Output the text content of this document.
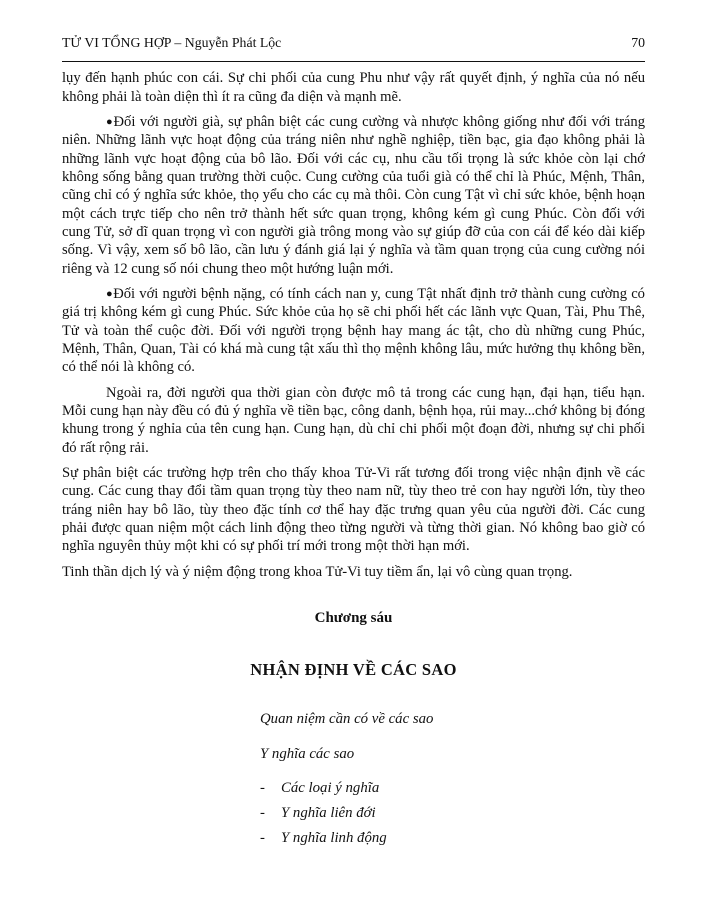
TỬ VI TỔNG HỢP – Nguyễn Phát Lộc	70

lụy đến hạnh phúc con cái. Sự chi phối của cung Phu như vậy rất quyết định, ý nghĩa của nó nếu không phải là toàn diện thì ít ra cũng đa diện và mạnh mẽ.

●Đối với người già, sự phân biệt các cung cường và nhược không giống như đối với tráng niên. Những lãnh vực hoạt động của tráng niên như nghề nghiệp, tiền bạc, gia đạo không phải là những lãnh vực hoạt động của bô lão. Đối với các cụ, nhu cầu tối trọng là sức khỏe còn lại chớ không sống bằng quan trường thời cuộc. Cung cường của tuổi già có thể chỉ là Phúc, Mệnh, Thân, cũng chỉ có ý nghĩa sức khỏe, thọ yểu cho các cụ mà thôi. Còn cung Tật vì chỉ sức khỏe, bệnh hoạn một cách trực tiếp cho nên trở thành hết sức quan trọng, không kém gì cung Phúc. Còn đối với cung Tử, sở dĩ quan trọng vì con người già trông mong vào sự giúp đỡ của con cái để kéo dài kiếp sống. Vì vậy, xem số bô lão, cần lưu ý đánh giá lại ý nghĩa và tầm quan trọng của cung cường nói riêng và 12 cung số nói chung theo một hướng luận mới.

●Đối với người bệnh nặng, có tính cách nan y, cung Tật nhất định trở thành cung cường có giá trị không kém gì cung Phúc. Sức khỏe của họ sẽ chi phối hết các lãnh vực Quan, Tài, Phu Thê, Tử và toàn thể cuộc đời. Đối với người trọng bệnh hay mang ác tật, cho dù những cung Phúc, Mệnh, Thân, Quan, Tài có khá mà cung tật xấu thì thọ mệnh không lâu, mức hưởng thụ không bền, có thể nói là không có.

Ngoài ra, đời người qua thời gian còn được mô tả trong các cung hạn, đại hạn, tiểu hạn. Mỗi cung hạn này đều có đủ ý nghĩa về tiền bạc, công danh, bệnh họa, rủi may...chớ không bị đóng khung trong ý nghỉa của tên cung hạn. Cung hạn, dù chỉ chi phối một đoạn đời, nhưng sự chi phối đó rất rộng rải.

Sự phân biệt các trường hợp trên cho thấy khoa Tử-Vi rất tương đối trong việc nhận định về các cung. Các cung thay đổi tầm quan trọng tùy theo nam nữ, tùy theo trẻ con hay người lớn, tùy theo tráng niên hay bô lão, tùy theo đặc tính cơ thể hay đặc trưng quan yêu của người đời. Các cung phải được quan niệm một cách linh động theo từng người và từng thời gian. Nó không bao giờ có nghĩa nguyên thủy một khi có sự phối trí mới trong một thời hạn mới.

Tinh thần dịch lý và ý niệm động trong khoa Tử-Vi tuy tiềm ẩn, lại vô cùng quan trọng.

Chương sáu
NHẬN ĐỊNH VỀ CÁC SAO
Quan niệm cần có về các sao
Y nghĩa các sao
- Các loại ý nghĩa
- Y nghĩa liên đới
- Y nghĩa linh động
